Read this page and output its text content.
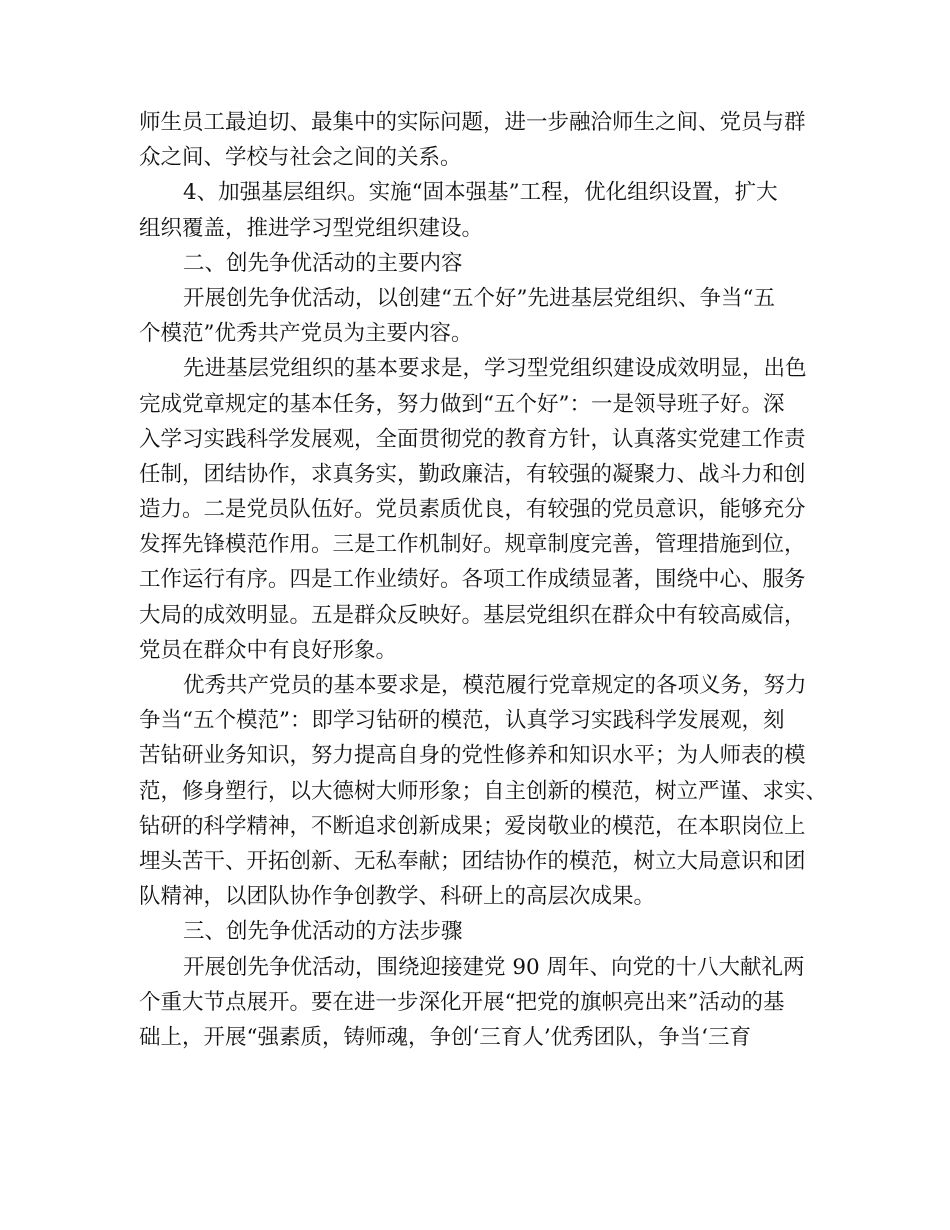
师生员工最迫切、最集中的实际问题，进一步融洽师生之间、党员与群
众之间、学校与社会之间的关系。
4、加强基层组织。实施“固本强基”工程，优化组织设置，扩大
组织覆盖，推进学习型党组织建设。
二、创先争优活动的主要内容
开展创先争优活动，以创建“五个好”先进基层党组织、争当“五
个模范”优秀共产党员为主要内容。
先进基层党组织的基本要求是，学习型党组织建设成效明显，出色
完成党章规定的基本任务，努力做到“五个好”：一是领导班子好。深
入学习实践科学发展观，全面贯彻党的教育方针，认真落实党建工作责
任制，团结协作，求真务实，勤政廉洁，有较强的凝聚力、战斗力和创
造力。二是党员队伍好。党员素质优良，有较强的党员意识，能够充分
发挥先锋模范作用。三是工作机制好。规章制度完善，管理措施到位，
工作运行有序。四是工作业绩好。各项工作成绩显著，围绕中心、服务
大局的成效明显。五是群众反映好。基层党组织在群众中有较高威信，
党员在群众中有良好形象。
优秀共产党员的基本要求是，模范履行党章规定的各项义务，努力
争当“五个模范”：即学习钻研的模范，认真学习实践科学发展观，刻
苦钻研业务知识，努力提高自身的党性修养和知识水平；为人师表的模
范，修身塑行，以大德树大师形象；自主创新的模范，树立严谨、求实、
钻研的科学精神，不断追求创新成果；爱岗敬业的模范，在本职岗位上
埋头苦干、开拓创新、无私奉献；团结协作的模范，树立大局意识和团
队精神，以团队协作争创教学、科研上的高层次成果。
三、创先争优活动的方法步骤
开展创先争优活动，围绕迎接建党 90 周年、向党的十八大献礼两
个重大节点展开。要在进一步深化开展“把党的旗帜亮出来”活动的基
础上，开展“强素质，铸师魂，争创‘三育人’优秀团队，争当‘三育
